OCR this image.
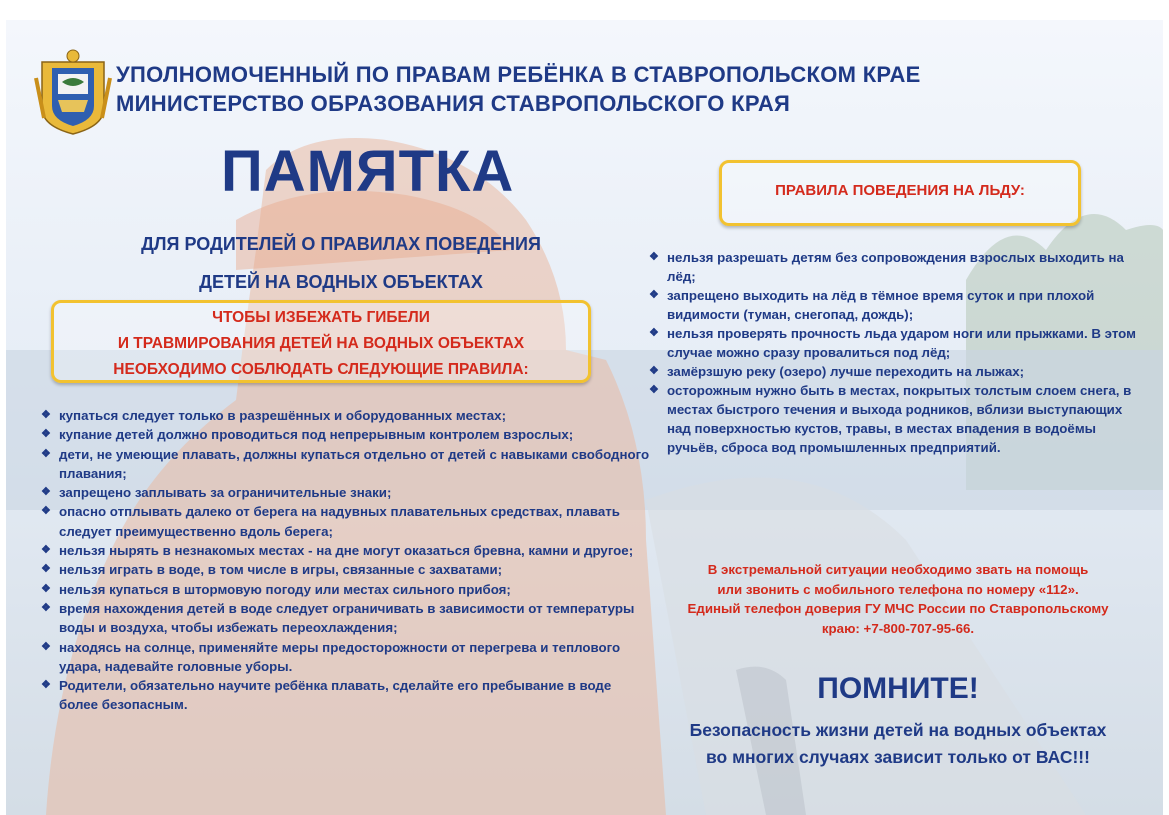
УПОЛНОМОЧЕННЫЙ ПО ПРАВАМ РЕБЁНКА В СТАВРОПОЛЬСКОМ КРАЕ
МИНИСТЕРСТВО ОБРАЗОВАНИЯ СТАВРОПОЛЬСКОГО КРАЯ
ПАМЯТКА
ДЛЯ РОДИТЕЛЕЙ О ПРАВИЛАХ ПОВЕДЕНИЯ
ДЕТЕЙ НА ВОДНЫХ ОБЪЕКТАХ
ЧТОБЫ ИЗБЕЖАТЬ ГИБЕЛИ
И ТРАВМИРОВАНИЯ ДЕТЕЙ НА ВОДНЫХ ОБЪЕКТАХ
НЕОБХОДИМО СОБЛЮДАТЬ СЛЕДУЮЩИЕ ПРАВИЛА:
❖ купаться следует только в разрешённых и оборудованных местах;
❖ купание детей должно проводиться под непрерывным контролем взрослых;
❖ дети, не умеющие плавать, должны купаться отдельно от детей с навыками свободного плавания;
❖ запрещено заплывать за ограничительные знаки;
❖ опасно отплывать далеко от берега на надувных плавательных средствах, плавать следует преимущественно вдоль берега;
❖ нельзя нырять в незнакомых местах - на дне могут оказаться бревна, камни и другое;
❖ нельзя играть в воде, в том числе в игры, связанные с захватами;
❖ нельзя купаться в штормовую погоду или местах сильного прибоя;
❖ время нахождения детей в воде следует ограничивать в зависимости от температуры воды и воздуха, чтобы избежать переохлаждения;
❖ находясь на солнце, применяйте меры предосторожности от перегрева и теплового удара, надевайте головные уборы.
❖ Родители, обязательно научите ребёнка плавать, сделайте его пребывание в воде более безопасным.
ПРАВИЛА ПОВЕДЕНИЯ НА ЛЬДУ:
❖ нельзя разрешать детям без сопровождения взрослых выходить на лёд;
❖ запрещено выходить на лёд в тёмное время суток и при плохой видимости (туман, снегопад, дождь);
❖ нельзя проверять прочность льда ударом ноги или прыжками. В этом случае можно сразу провалиться под лёд;
❖ замёрзшую реку (озеро) лучше переходить на лыжах;
❖ осторожным нужно быть в местах, покрытых толстым слоем снега, в местах быстрого течения и выхода родников, вблизи выступающих над поверхностью кустов, травы, в местах впадения в водоёмы ручьёв, сброса вод промышленных предприятий.
В экстремальной ситуации необходимо звать на помощь
или звонить с мобильного телефона по номеру «112».
Единый телефон доверия ГУ МЧС России по Ставропольскому
краю: +7-800-707-95-66.
ПОМНИТЕ!
Безопасность жизни детей на водных объектах
во многих случаях зависит только от ВАС!!!
